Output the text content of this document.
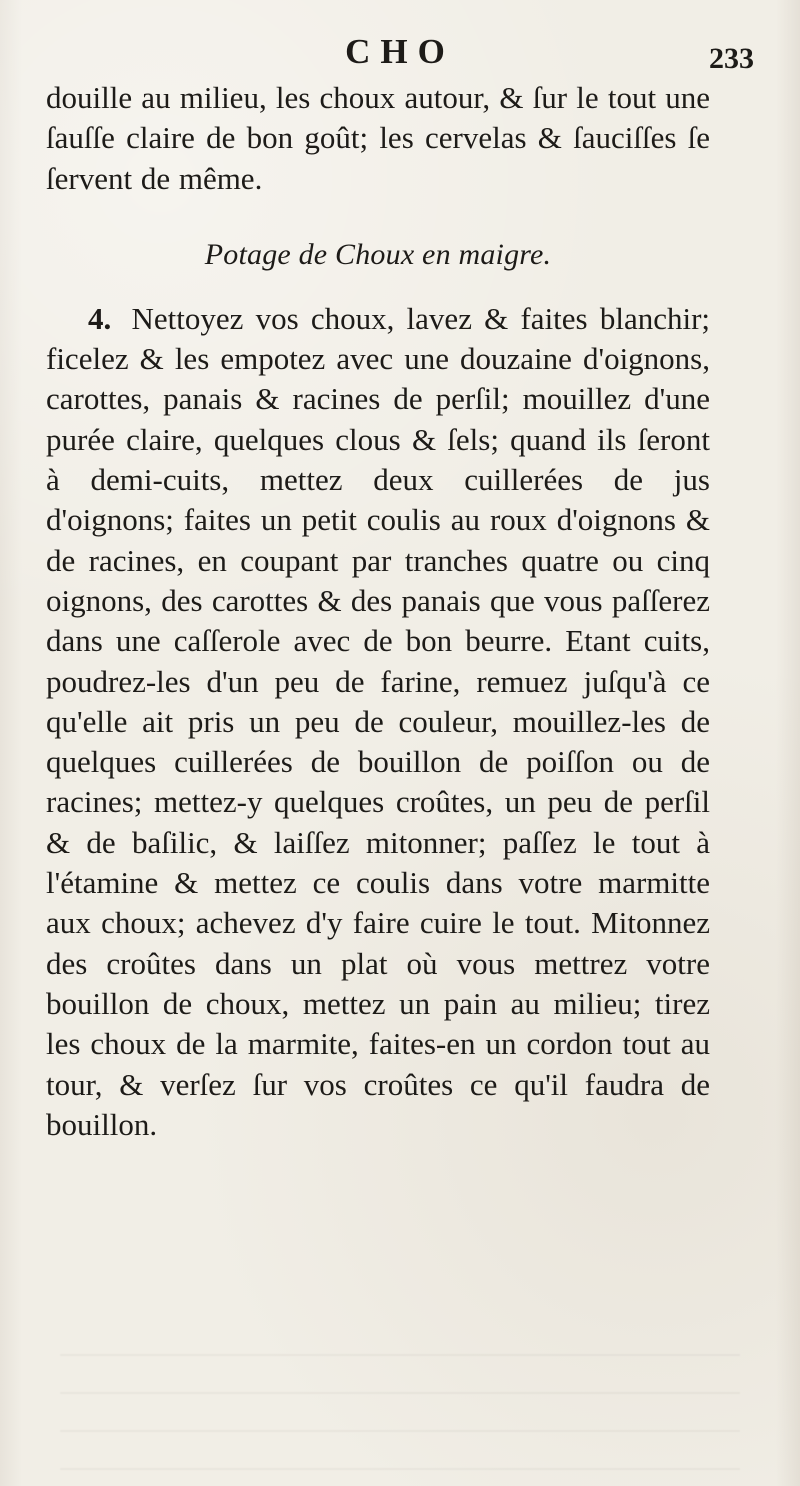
CHO	233

douille au milieu, les choux autour, & ſur le tout une ſauſſe claire de bon goût; les cervelas & ſauciſſes ſe ſervent de même.

Potage de Choux en maigre.

4. Nettoyez vos choux, lavez & faites blanchir; ficelez & les empotez avec une douzaine d'oignons, carottes, panais & racines de perſil; mouillez d'une purée claire, quelques clous & ſels; quand ils ſeront à demi-cuits, mettez deux cuillerées de jus d'oignons; faites un petit coulis au roux d'oignons & de racines, en coupant par tranches quatre ou cinq oignons, des carottes & des panais que vous paſſerez dans une caſſerole avec de bon beurre. Etant cuits, poudrez-les d'un peu de farine, remuez juſqu'à ce qu'elle ait pris un peu de couleur, mouillez-les de quelques cuillerées de bouillon de poiſſon ou de racines; mettez-y quelques croûtes, un peu de perſil & de baſilic, & laiſſez mitonner; paſſez le tout à l'étamine & mettez ce coulis dans votre marmitte aux choux; achevez d'y faire cuire le tout. Mitonnez des croûtes dans un plat où vous mettrez votre bouillon de choux, mettez un pain au milieu; tirez les choux de la marmite, faites-en un cordon tout au tour, & verſez ſur vos croûtes ce qu'il faudra de bouillon.
